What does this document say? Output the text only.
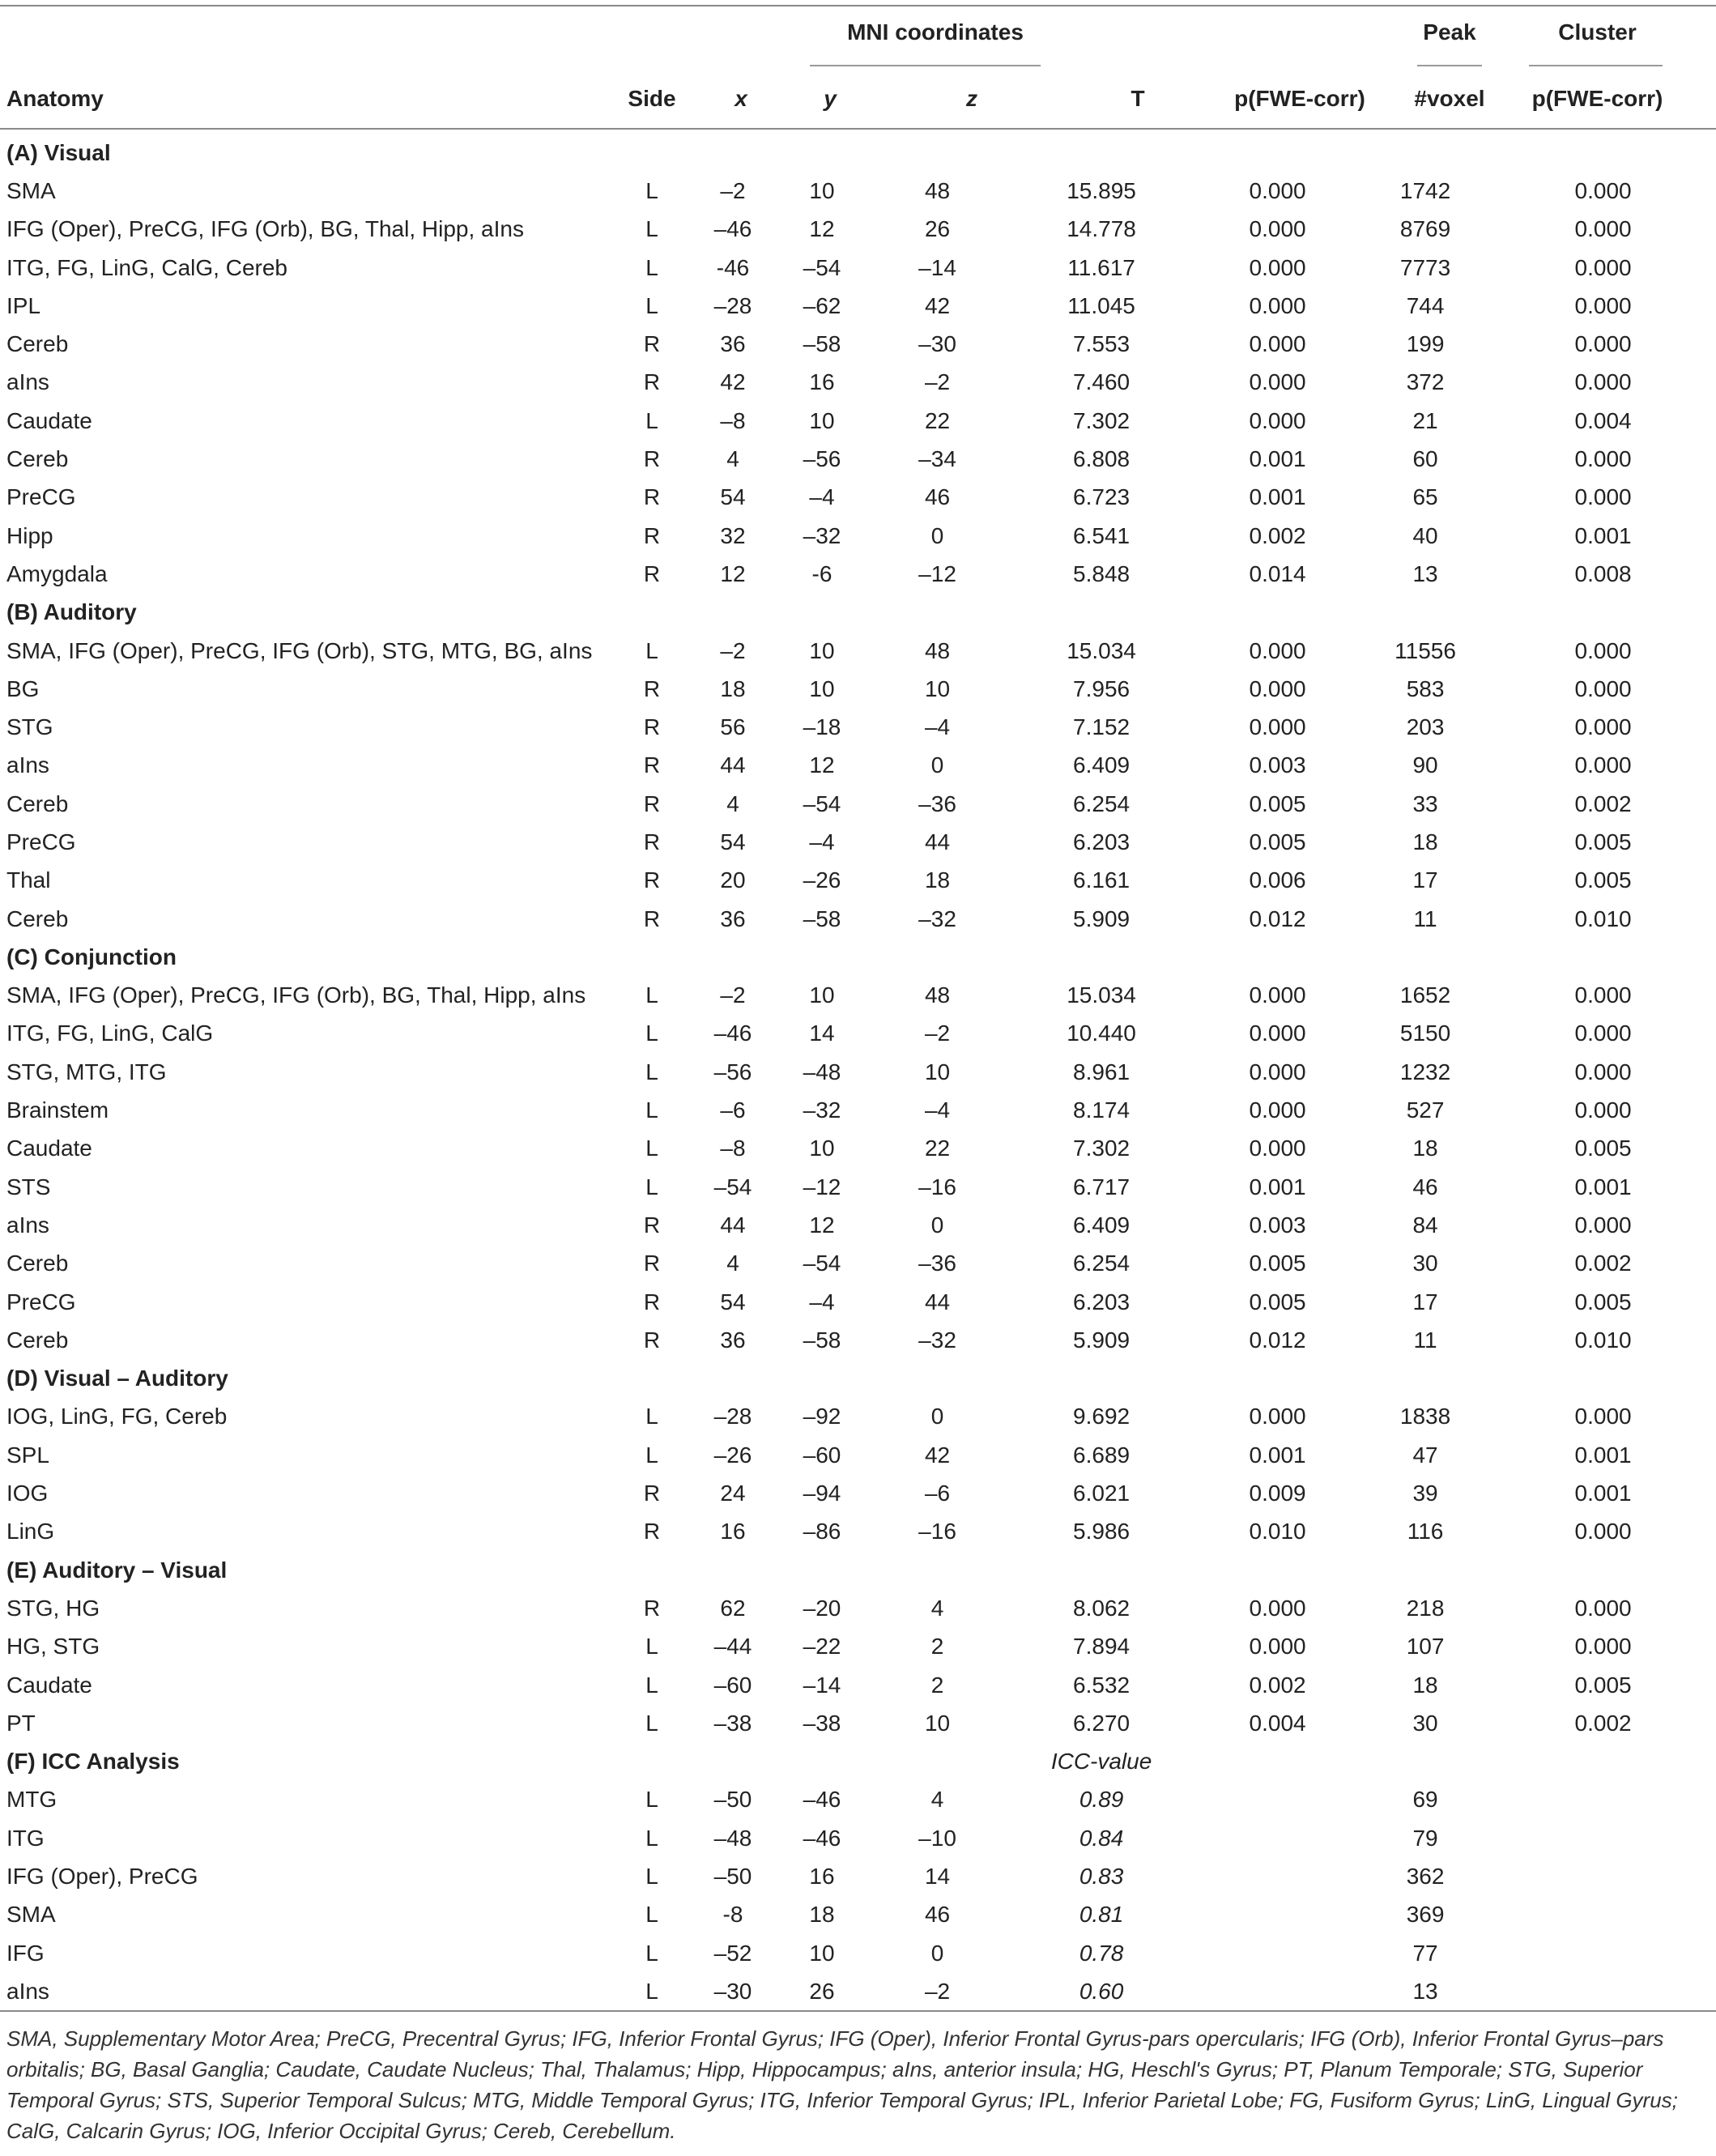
MNI coordinates	Peak	Cluster
Anatomy	Side	x	y	z	T	p(FWE-corr)	#voxel	p(FWE-corr)
(A) Visual								
SMA	L	–2	10	48	15.895	0.000	1742	0.000
IFG (Oper), PreCG, IFG (Orb), BG, Thal, Hipp, aIns	L	–46	12	26	14.778	0.000	8769	0.000
ITG, FG, LinG, CalG, Cereb	L	-46	–54	–14	11.617	0.000	7773	0.000
IPL	L	–28	–62	42	11.045	0.000	744	0.000
Cereb	R	36	–58	–30	7.553	0.000	199	0.000
aIns	R	42	16	–2	7.460	0.000	372	0.000
Caudate	L	–8	10	22	7.302	0.000	21	0.004
Cereb	R	4	–56	–34	6.808	0.001	60	0.000
PreCG	R	54	–4	46	6.723	0.001	65	0.000
Hipp	R	32	–32	0	6.541	0.002	40	0.001
Amygdala	R	12	-6	–12	5.848	0.014	13	0.008
(B) Auditory								
SMA, IFG (Oper), PreCG, IFG (Orb), STG, MTG, BG, aIns	L	–2	10	48	15.034	0.000	11556	0.000
BG	R	18	10	10	7.956	0.000	583	0.000
STG	R	56	–18	–4	7.152	0.000	203	0.000
aIns	R	44	12	0	6.409	0.003	90	0.000
Cereb	R	4	–54	–36	6.254	0.005	33	0.002
PreCG	R	54	–4	44	6.203	0.005	18	0.005
Thal	R	20	–26	18	6.161	0.006	17	0.005
Cereb	R	36	–58	–32	5.909	0.012	11	0.010
(C) Conjunction								
SMA, IFG (Oper), PreCG, IFG (Orb), BG, Thal, Hipp, aIns	L	–2	10	48	15.034	0.000	1652	0.000
ITG, FG, LinG, CalG	L	–46	14	–2	10.440	0.000	5150	0.000
STG, MTG, ITG	L	–56	–48	10	8.961	0.000	1232	0.000
Brainstem	L	–6	–32	–4	8.174	0.000	527	0.000
Caudate	L	–8	10	22	7.302	0.000	18	0.005
STS	L	–54	–12	–16	6.717	0.001	46	0.001
aIns	R	44	12	0	6.409	0.003	84	0.000
Cereb	R	4	–54	–36	6.254	0.005	30	0.002
PreCG	R	54	–4	44	6.203	0.005	17	0.005
Cereb	R	36	–58	–32	5.909	0.012	11	0.010
(D) Visual – Auditory								
IOG, LinG, FG, Cereb	L	–28	–92	0	9.692	0.000	1838	0.000
SPL	L	–26	–60	42	6.689	0.001	47	0.001
IOG	R	24	–94	–6	6.021	0.009	39	0.001
LinG	R	16	–86	–16	5.986	0.010	116	0.000
(E) Auditory – Visual								
STG, HG	R	62	–20	4	8.062	0.000	218	0.000
HG, STG	L	–44	–22	2	7.894	0.000	107	0.000
Caudate	L	–60	–14	2	6.532	0.002	18	0.005
PT	L	–38	–38	10	6.270	0.004	30	0.002
(F) ICC Analysis					ICC-value			
MTG	L	–50	–46	4	0.89		69	
ITG	L	–48	–46	–10	0.84		79	
IFG (Oper), PreCG	L	–50	16	14	0.83		362	
SMA	L	-8	18	46	0.81		369	
IFG	L	–52	10	0	0.78		77	
aIns	L	–30	26	–2	0.60		13	
SMA, Supplementary Motor Area; PreCG, Precentral Gyrus; IFG, Inferior Frontal Gyrus; IFG (Oper), Inferior Frontal Gyrus-pars opercularis; IFG (Orb), Inferior Frontal Gyrus–pars orbitalis; BG, Basal Ganglia; Caudate, Caudate Nucleus; Thal, Thalamus; Hipp, Hippocampus; aIns, anterior insula; HG, Heschl's Gyrus; PT, Planum Temporale; STG, Superior Temporal Gyrus; STS, Superior Temporal Sulcus; MTG, Middle Temporal Gyrus; ITG, Inferior Temporal Gyrus; IPL, Inferior Parietal Lobe; FG, Fusiform Gyrus; LinG, Lingual Gyrus; CalG, Calcarin Gyrus; IOG, Inferior Occipital Gyrus; Cereb, Cerebellum.
